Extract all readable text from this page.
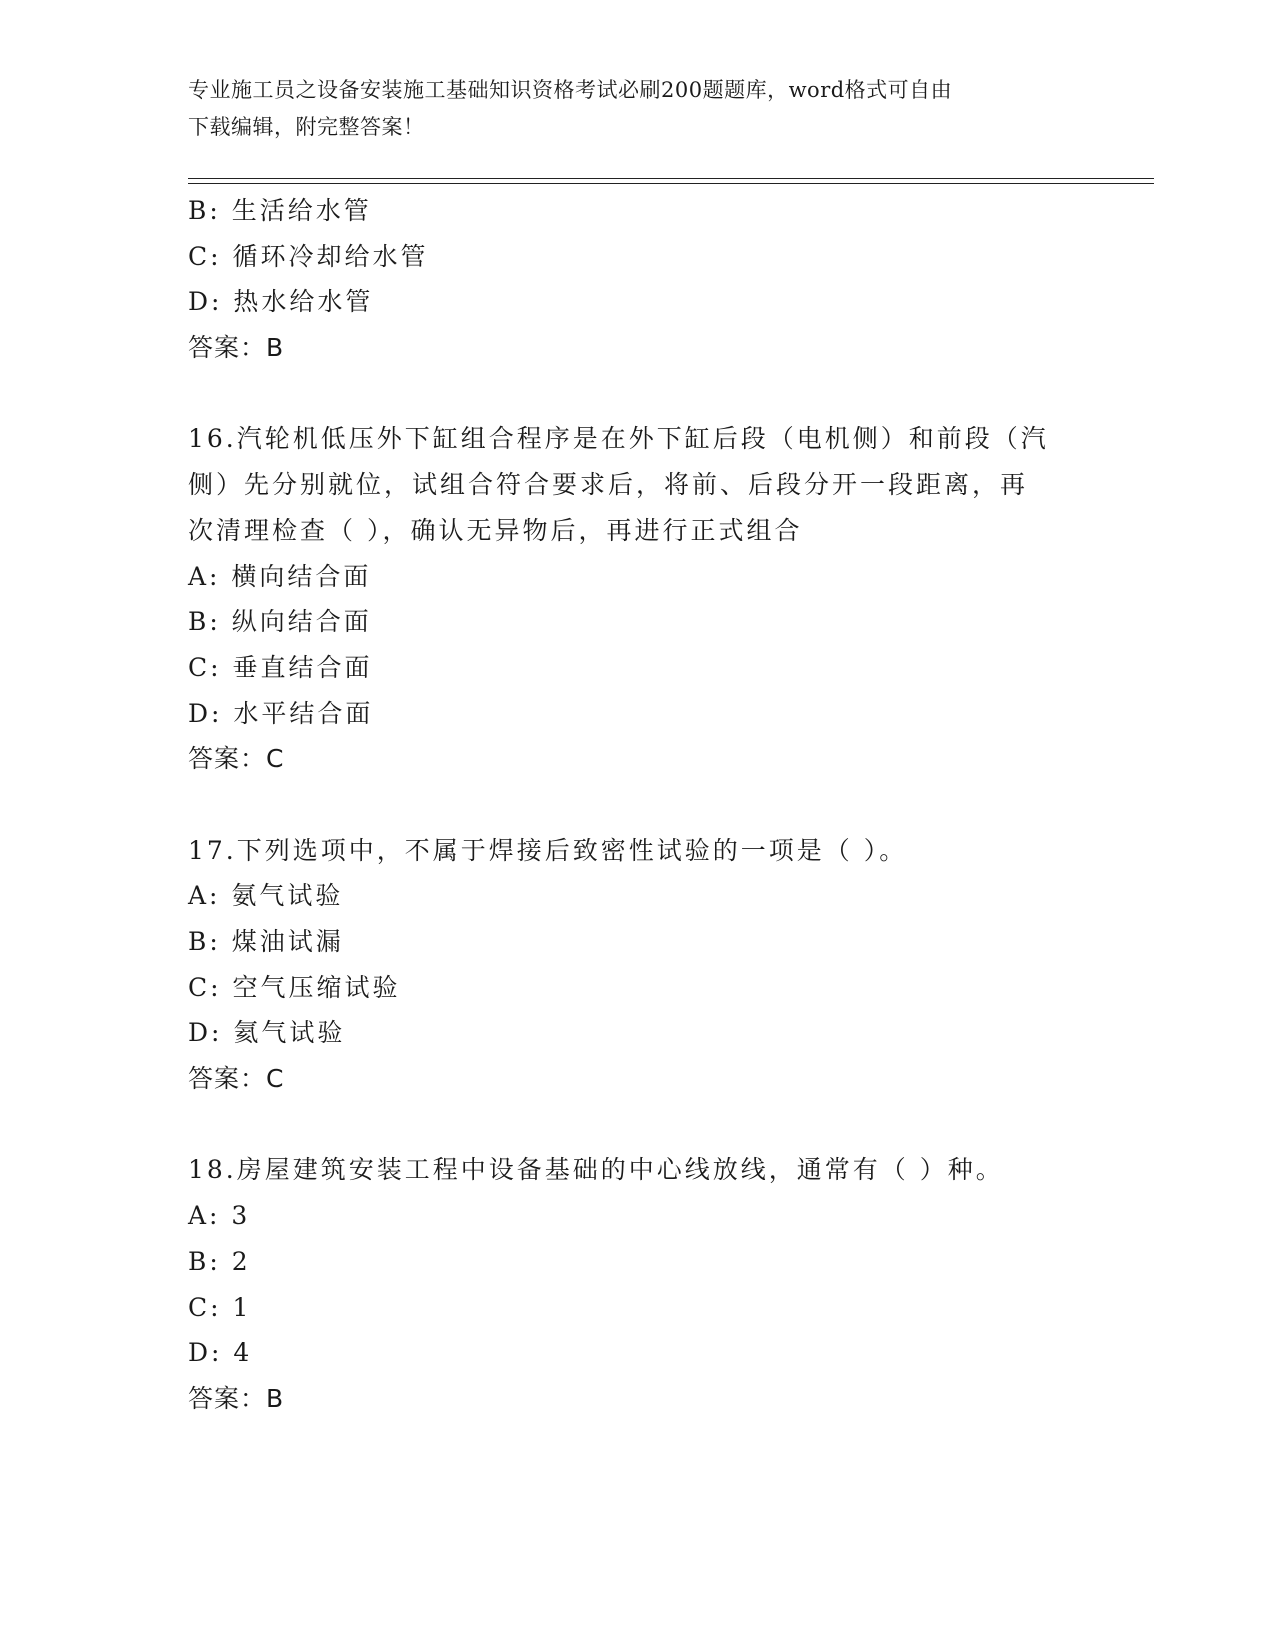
专业施工员之设备安装施工基础知识资格考试必刷200题题库，word格式可自由
下载编辑，附完整答案！
B: 生活给水管
C: 循环冷却给水管
D: 热水给水管
答案：B
16.汽轮机低压外下缸组合程序是在外下缸后段（电机侧）和前段（汽
侧）先分别就位，试组合符合要求后，将前、后段分开一段距离，再
次清理检查（ ），确认无异物后，再进行正式组合
A: 横向结合面
B: 纵向结合面
C: 垂直结合面
D: 水平结合面
答案：C
17.下列选项中，不属于焊接后致密性试验的一项是（ ）。
A: 氨气试验
B: 煤油试漏
C: 空气压缩试验
D: 氦气试验
答案：C
18.房屋建筑安装工程中设备基础的中心线放线，通常有（ ）种。
A: 3
B: 2
C: 1
D: 4
答案：B
